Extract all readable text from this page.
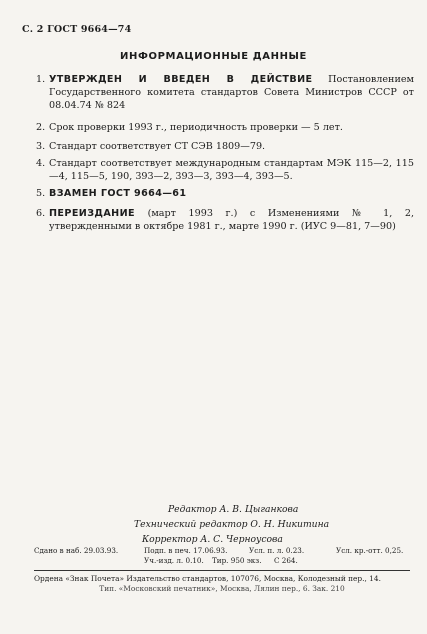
С. 2 ГОСТ 9664—74
ИНФОРМАЦИОННЫЕ ДАННЫЕ
1. УТВЕРЖДЕН И ВВЕДЕН В ДЕЙСТВИЕ Постановлением Государственного комитета стандартов Совета Министров СССР от 08.04.74 № 824
2. Срок проверки 1993 г., периодичность проверки — 5 лет.
3. Стандарт соответствует СТ СЭВ 1809—79.
4. Стандарт соответствует международным стандартам МЭК 115—2, 115—4, 115—5, 190, 393—2, 393—3, 393—4, 393—5.
5. ВЗАМЕН ГОСТ 9664—61
6. ПЕРЕИЗДАНИЕ (март 1993 г.) с Изменениями № 1, 2, утвержденными в октябре 1981 г., марте 1990 г. (ИУС 9—81, 7—90)
Редактор А. В. Цыганкова
Технический редактор О. Н. Никитина
Корректор А. С. Черноусова
Сдано в наб. 29.03.93.	Подп. в печ. 17.06.93.	Усл. п. л. 0.23.	Усл. кр.-отт. 0,25.
Уч.-изд. л. 0.10. Тир. 950 экз. С 264.
Ордена «Знак Почета» Издательство стандартов, 107076, Москва, Колодезный пер., 14.
Тип. «Московский печатник», Москва, Лялин пер., 6. Зак. 210
